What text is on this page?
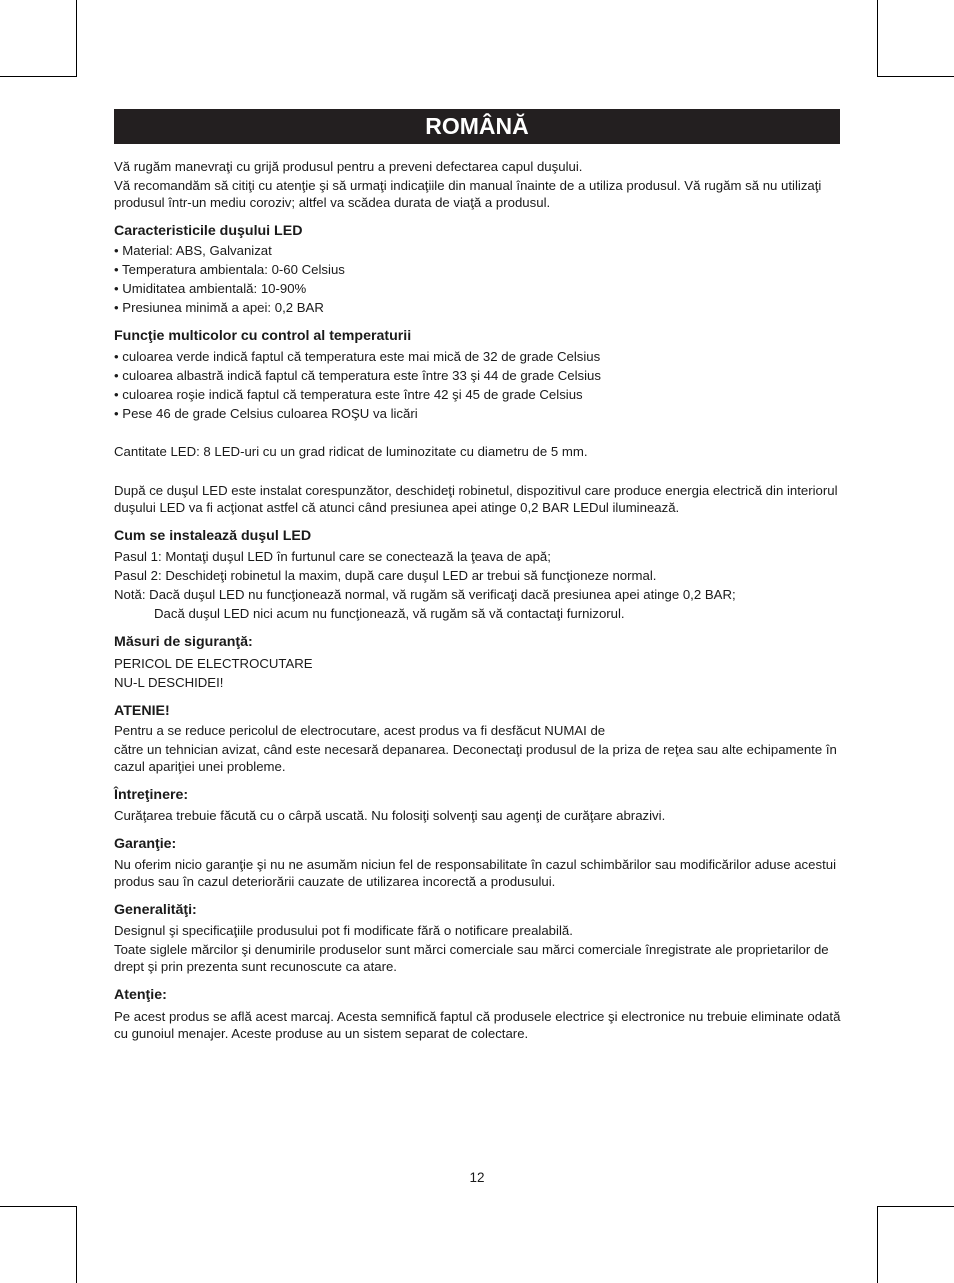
ROMÂNĂ

Vă rugăm manevraţi cu grijă produsul pentru a preveni defectarea capul duşului.

Vă recomandăm să citiţi cu atenţie şi să urmaţi indicaţiile din manual înainte de a utiliza produsul. Vă rugăm să nu utilizaţi produsul într-un mediu coroziv; altfel va scădea durata de viaţă a produsul.

Caracteristicile duşului LED

• Material: ABS, Galvanizat

• Temperatura ambientala: 0-60 Celsius

• Umiditatea ambientală: 10-90%

• Presiunea minimă a apei: 0,2 BAR

Funcţie multicolor cu control al temperaturii

• culoarea verde indică faptul că temperatura este mai mică de 32 de grade Celsius

• culoarea albastră indică faptul că temperatura este între 33 şi 44 de grade Celsius

• culoarea roşie indică faptul că temperatura este între 42 şi 45 de grade Celsius

• Pese 46 de grade Celsius culoarea ROŞU va licări

Cantitate LED: 8 LED-uri cu un grad ridicat de luminozitate cu diametru de 5 mm.

După ce duşul LED este instalat corespunzător, deschideţi robinetul, dispozitivul care produce energia electrică din interiorul duşului LED va fi acţionat astfel că atunci când presiunea apei atinge 0,2 BAR LEDul iluminează.

Cum se instalează duşul LED

Pasul 1: Montaţi duşul LED în furtunul care se conectează la ţeava de apă;

Pasul 2: Deschideţi robinetul la maxim, după care duşul LED ar trebui să funcţioneze normal.

Notă: Dacă duşul LED nu funcţionează normal, vă rugăm să verificaţi dacă presiunea apei atinge 0,2 BAR;

Dacă duşul LED nici acum nu funcţionează, vă rugăm să vă contactaţi furnizorul.

Măsuri de siguranţă:

PERICOL DE ELECTROCUTARE

NU-L DESCHIDEI!

ATENIE!

Pentru a se reduce pericolul de electrocutare, acest produs va fi desfăcut NUMAI de

către un tehnician avizat, când este necesară depanarea. Deconectaţi produsul de la priza de reţea sau alte echipamente în cazul apariţiei unei probleme.

Întreţinere:

Curăţarea trebuie făcută cu o cârpă uscată. Nu folosiţi solvenţi sau agenţi de curăţare abrazivi.

Garanţie:

Nu oferim nicio garanţie şi nu ne asumăm niciun fel de responsabilitate în cazul schimbărilor sau modificărilor aduse acestui produs sau în cazul deteriorării cauzate de utilizarea incorectă a produsului.

Generalităţi:

Designul şi specificaţiile produsului pot fi modificate fără o notificare prealabilă.

Toate siglele mărcilor şi denumirile produselor sunt mărci comerciale sau mărci comerciale înregistrate ale proprietarilor de drept şi prin prezenta sunt recunoscute ca atare.

Atenţie:

Pe acest produs se află acest marcaj. Acesta semnifică faptul că produsele electrice şi electronice nu trebuie eliminate odată cu gunoiul menajer. Aceste produse au un sistem separat de colectare.

12
